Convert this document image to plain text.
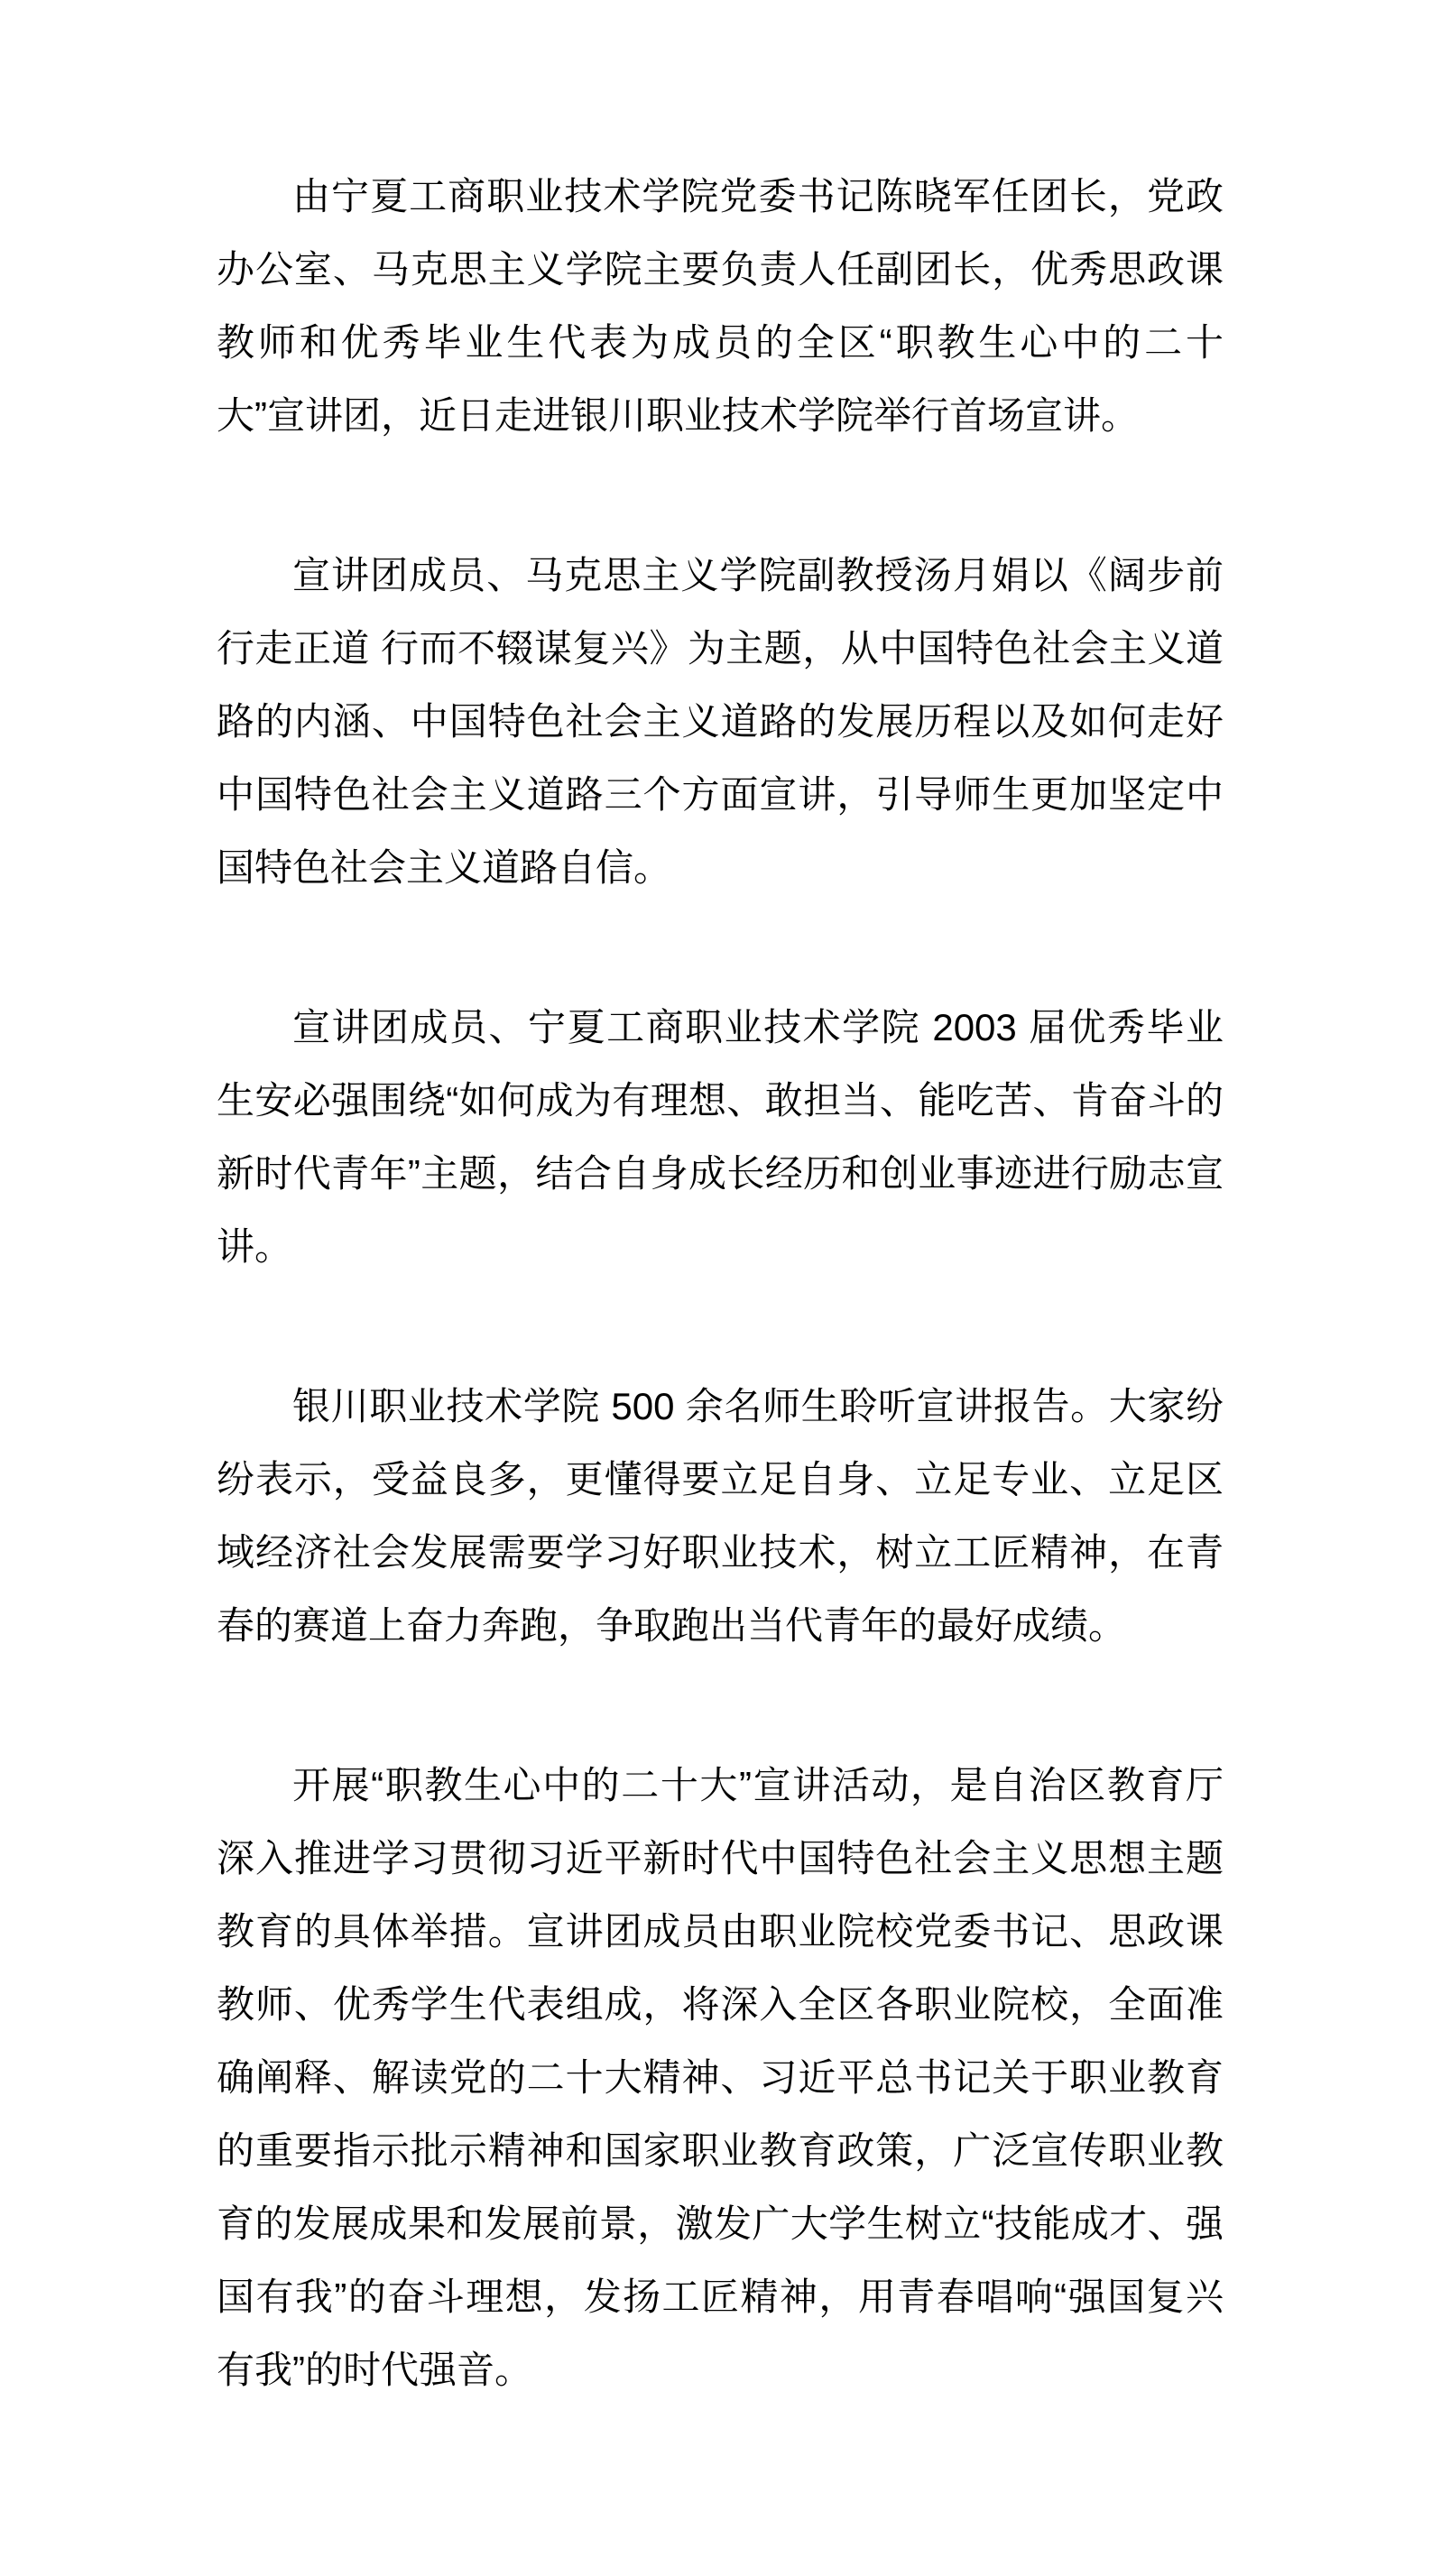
由宁夏工商职业技术学院党委书记陈晓军任团长，党政办公室、马克思主义学院主要负责人任副团长，优秀思政课教师和优秀毕业生代表为成员的全区“职教生心中的二十大”宣讲团，近日走进银川职业技术学院举行首场宣讲。

宣讲团成员、马克思主义学院副教授汤月娟以《阔步前行走正道 行而不辍谋复兴》为主题，从中国特色社会主义道路的内涵、中国特色社会主义道路的发展历程以及如何走好中国特色社会主义道路三个方面宣讲，引导师生更加坚定中国特色社会主义道路自信。

宣讲团成员、宁夏工商职业技术学院 2003 届优秀毕业生安必强围绕“如何成为有理想、敢担当、能吃苦、肯奋斗的新时代青年”主题，结合自身成长经历和创业事迹进行励志宣讲。

银川职业技术学院 500 余名师生聆听宣讲报告。大家纷纷表示，受益良多，更懂得要立足自身、立足专业、立足区域经济社会发展需要学习好职业技术，树立工匠精神，在青春的赛道上奋力奔跑，争取跑出当代青年的最好成绩。

开展“职教生心中的二十大”宣讲活动，是自治区教育厅深入推进学习贯彻习近平新时代中国特色社会主义思想主题教育的具体举措。宣讲团成员由职业院校党委书记、思政课教师、优秀学生代表组成，将深入全区各职业院校，全面准确阐释、解读党的二十大精神、习近平总书记关于职业教育的重要指示批示精神和国家职业教育政策，广泛宣传职业教育的发展成果和发展前景，激发广大学生树立“技能成才、强国有我”的奋斗理想，发扬工匠精神，用青春唱响“强国复兴有我”的时代强音。
